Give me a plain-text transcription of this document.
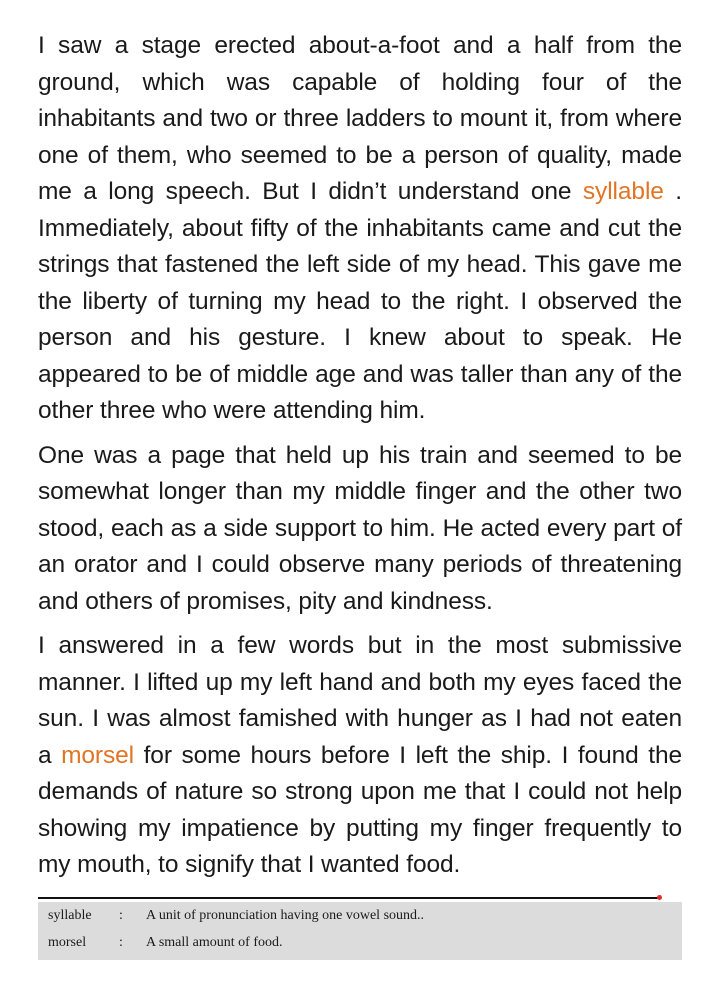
I saw a stage erected about-a-foot and a half from the ground, which was capable of holding four of the inhabitants and two or three ladders to mount it, from where one of them, who seemed to be a person of quality, made me a long speech. But I didn’t understand one syllable . Immediately, about fifty of the inhabitants came and cut the strings that fastened the left side of my head. This gave me the liberty of turning my head to the right. I observed the person and his gesture. I knew about to speak. He appeared to be of middle age and was taller than any of the other three who were attending him.

One was a page that held up his train and seemed to be somewhat longer than my middle finger and the other two stood, each as a side support to him. He acted every part of an orator and I could observe many periods of threatening and others of promises, pity and kindness.

I answered in a few words but in the most submissive manner. I lifted up my left hand and both my eyes faced the sun. I was almost famished with hunger as I had not eaten a morsel for some hours before I left the ship. I found the demands of nature so strong upon me that I could not help showing my impatience by putting my finger frequently to my mouth, to signify that I wanted food.

syllable : A unit of pronunciation having one vowel sound..
morsel : A small amount of food.
